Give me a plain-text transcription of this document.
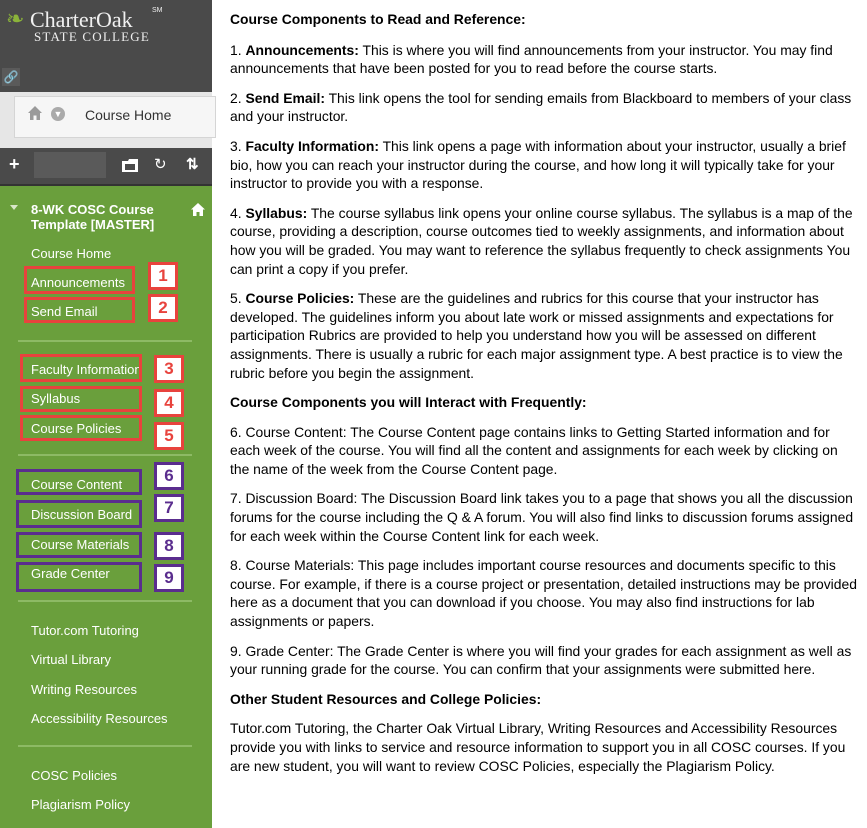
❧ CharterOak	SM
STATE COLLEGE
🔗
▼ Course Home
+	↻ ⇅
8-WK COSC Course Template [MASTER]
Course Home
Announcements
Send Email
Faculty Information
Syllabus
Course Policies
Course Content
Discussion Board
Course Materials
Grade Center
Tutor.com Tutoring
Virtual Library
Writing Resources
Accessibility Resources
COSC Policies
Plagiarism Policy
1
2
3
4
5
6
7
8
9

Course Components to Read and Reference:

1. Announcements: This is where you will find announcements from your instructor. You may find announcements that have been posted for you to read before the course starts.

2. Send Email: This link opens the tool for sending emails from Blackboard to members of your class and your instructor.

3. Faculty Information: This link opens a page with information about your instructor, usually a brief bio, how you can reach your instructor during the course, and how long it will typically take for your instructor to provide you with a response.

4. Syllabus: The course syllabus link opens your online course syllabus. The syllabus is a map of the course, providing a description, course outcomes tied to weekly assignments, and information about how you will be graded. You may want to reference the syllabus frequently to check assignments You can print a copy if you prefer.

5. Course Policies: These are the guidelines and rubrics for this course that your instructor has developed. The guidelines inform you about late work or missed assignments and expectations for participation Rubrics are provided to help you understand how you will be assessed on different assignments. There is usually a rubric for each major assignment type. A best practice is to view the rubric before you begin the assignment.

Course Components you will Interact with Frequently:

6. Course Content: The Course Content page contains links to Getting Started information and for each week of the course. You will find all the content and assignments for each week by clicking on the name of the week from the Course Content page.

7. Discussion Board: The Discussion Board link takes you to a page that shows you all the discussion forums for the course including the Q & A forum. You will also find links to discussion forums assigned for each week within the Course Content link for each week.

8. Course Materials: This page includes important course resources and documents specific to this course. For example, if there is a course project or presentation, detailed instructions may be provided here as a document that you can download if you choose. You may also find instructions for lab assignments or papers.

9. Grade Center: The Grade Center is where you will find your grades for each assignment as well as your running grade for the course. You can confirm that your assignments were submitted here.

Other Student Resources and College Policies:

Tutor.com Tutoring, the Charter Oak Virtual Library, Writing Resources and Accessibility Resources provide you with links to service and resource information to support you in all COSC courses. If you are new student, you will want to review COSC Policies, especially the Plagiarism Policy.
